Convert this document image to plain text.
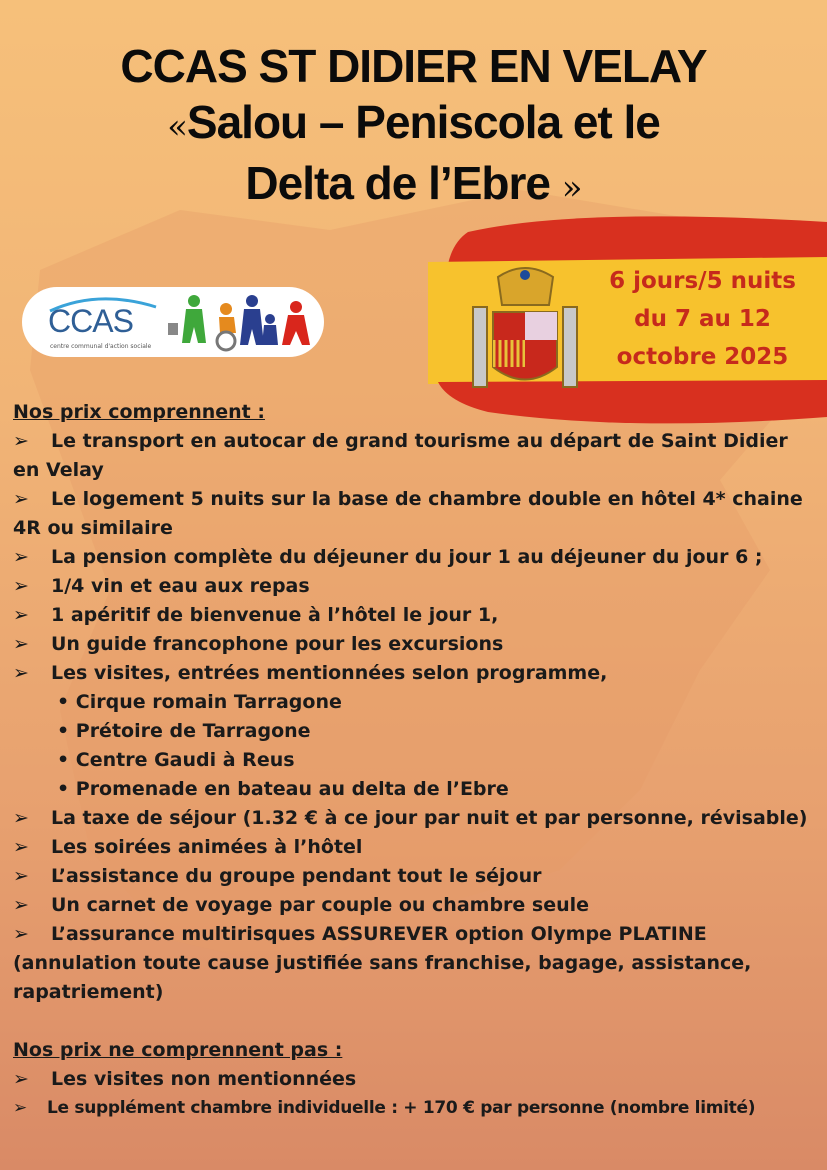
CCAS ST DIDIER EN VELAY
«Salou – Peniscola et le
Delta de l’Ebre »
6 jours/5 nuits
du 7 au 12
octobre 2025
CCAS
centre communal d'action sociale
Nos prix comprennent :
➢ Le transport en autocar de grand tourisme au départ de Saint Didier en Velay
➢ Le logement 5 nuits sur la base de chambre double en hôtel 4* chaine 4R ou similaire
➢ La pension complète du déjeuner du jour 1 au déjeuner du jour 6 ;
➢ 1/4 vin et eau aux repas
➢ 1 apéritif de bienvenue à l’hôtel le jour 1,
➢ Un guide francophone pour les excursions
➢ Les visites, entrées mentionnées selon programme,
• Cirque romain Tarragone
• Prétoire de Tarragone
• Centre Gaudi à Reus
• Promenade en bateau au delta de l’Ebre
➢ La taxe de séjour (1.32 € à ce jour par nuit et par personne, révisable)
➢ Les soirées animées à l’hôtel
➢ L’assistance du groupe pendant tout le séjour
➢ Un carnet de voyage par couple ou chambre seule
➢ L’assurance multirisques ASSUREVER option Olympe PLATINE (annulation toute cause justifiée sans franchise, bagage, assistance, rapatriement)
Nos prix ne comprennent pas :
➢ Les visites non mentionnées
➢ Le supplément chambre individuelle : + 170 € par personne (nombre limité)
